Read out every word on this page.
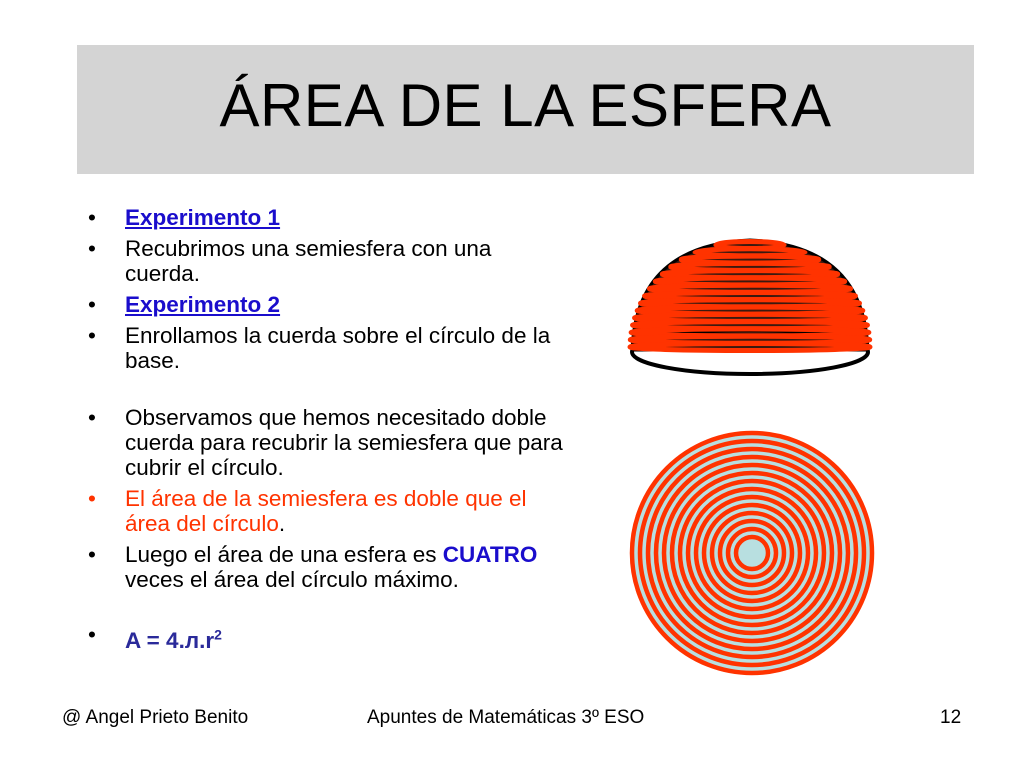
ÁREA DE LA ESFERA
• Experimento 1
• Recubrimos una semiesfera con una cuerda.
• Experimento 2
• Enrollamos la cuerda sobre el círculo de la base.
• Observamos que hemos necesitado doble cuerda para recubrir la semiesfera que para cubrir el círculo.
• El área de la semiesfera es doble que el área del círculo.
• Luego el área de una esfera es CUATRO veces el área del círculo máximo.
• $A = 4.л.r^2$
@ Angel Prieto Benito	Apuntes de Matemáticas 3º ESO	12
